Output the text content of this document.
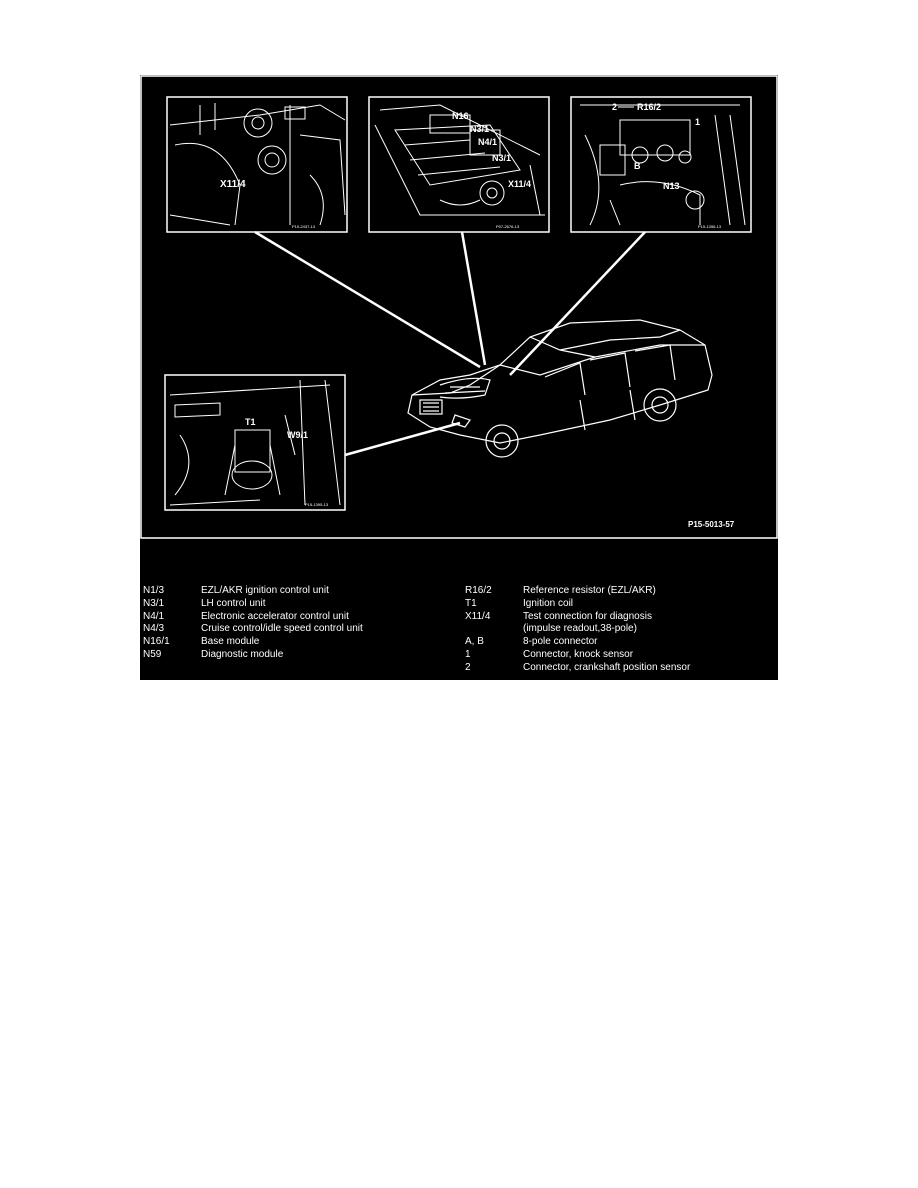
X11/4
P15-2437-13
N16
N3/1
N4/1
N3/1
X11/4
P07-2676-13
2 R16/2
1
B
N13
P15-1396-13
T1
W9/1
P15-1395-13
P15-5013-57
N1/3	EZL/AKR ignition control unit
N3/1	LH control unit
N4/1	Electronic accelerator control unit
N4/3	Cruise control/idle speed control unit
N16/1	Base module
N59	Diagnostic module
R16/2	Reference resistor (EZL/AKR)
T1	Ignition coil
X11/4	Test connection for diagnosis
(impulse readout,38-pole)
A, B	8-pole connector
1	Connector, knock sensor
2	Connector, crankshaft position sensor
